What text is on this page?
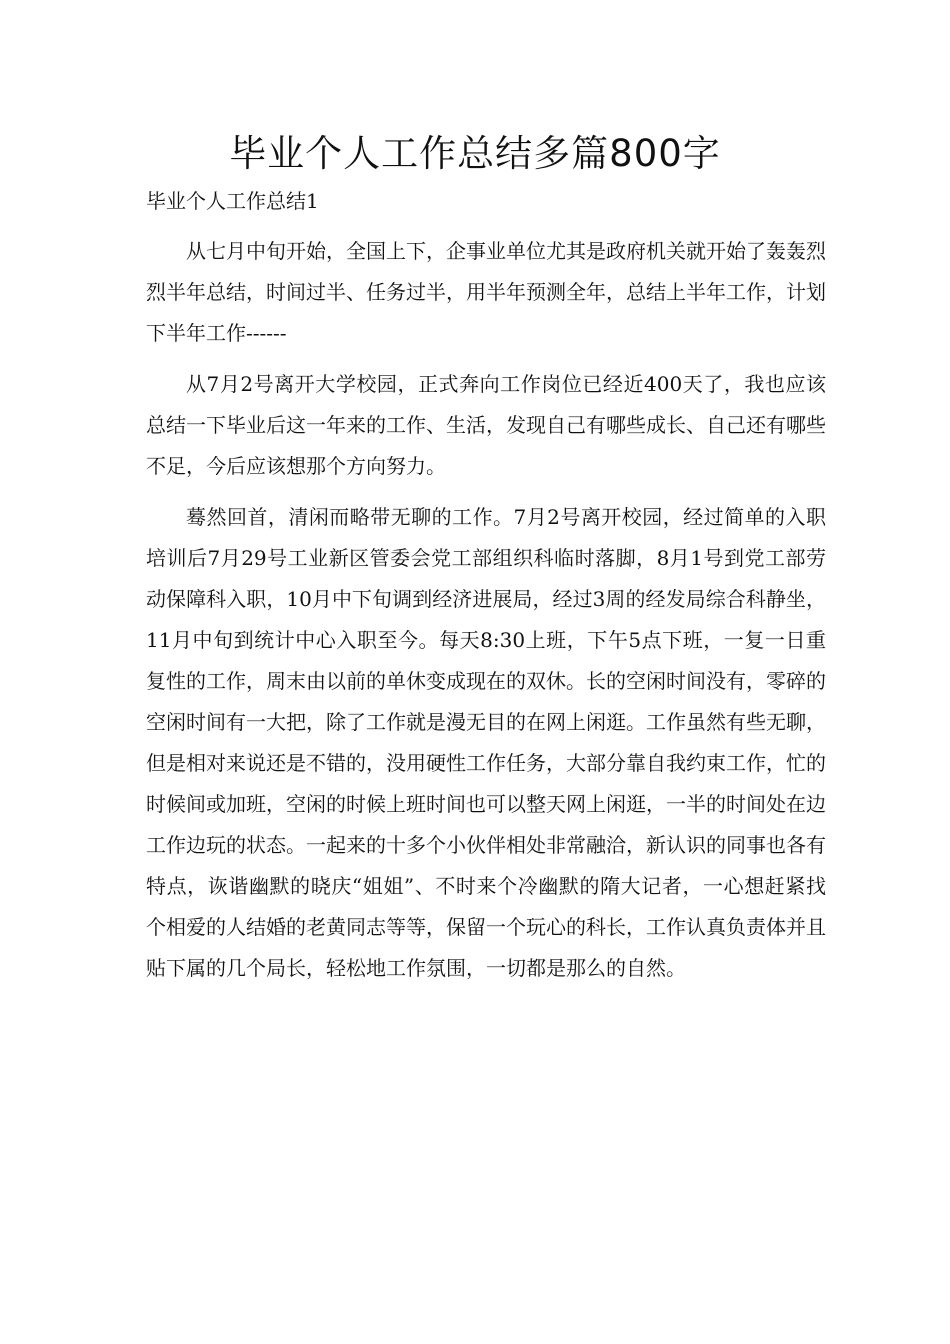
毕业个人工作总结多篇800字
毕业个人工作总结1

从七月中旬开始，全国上下，企事业单位尤其是政府机关就开始了轰轰烈烈半年总结，时间过半、任务过半，用半年预测全年，总结上半年工作，计划下半年工作------

从7月2号离开大学校园，正式奔向工作岗位已经近400天了，我也应该总结一下毕业后这一年来的工作、生活，发现自己有哪些成长、自己还有哪些不足，今后应该想那个方向努力。

蓦然回首，清闲而略带无聊的工作。7月2号离开校园，经过简单的入职培训后7月29号工业新区管委会党工部组织科临时落脚，8月1号到党工部劳动保障科入职，10月中下旬调到经济进展局，经过3周的经发局综合科静坐，11月中旬到统计中心入职至今。每天8:30上班，下午5点下班，一复一日重复性的工作，周末由以前的单休变成现在的双休。长的空闲时间没有，零碎的空闲时间有一大把，除了工作就是漫无目的在网上闲逛。工作虽然有些无聊，但是相对来说还是不错的，没用硬性工作任务，大部分靠自我约束工作，忙的时候间或加班，空闲的时候上班时间也可以整天网上闲逛，一半的时间处在边工作边玩的状态。一起来的十多个小伙伴相处非常融洽，新认识的同事也各有特点，诙谐幽默的晓庆“姐姐”、不时来个冷幽默的隋大记者，一心想赶紧找个相爱的人结婚的老黄同志等等，保留一个玩心的科长，工作认真负责体并且贴下属的几个局长，轻松地工作氛围，一切都是那么的自然。
